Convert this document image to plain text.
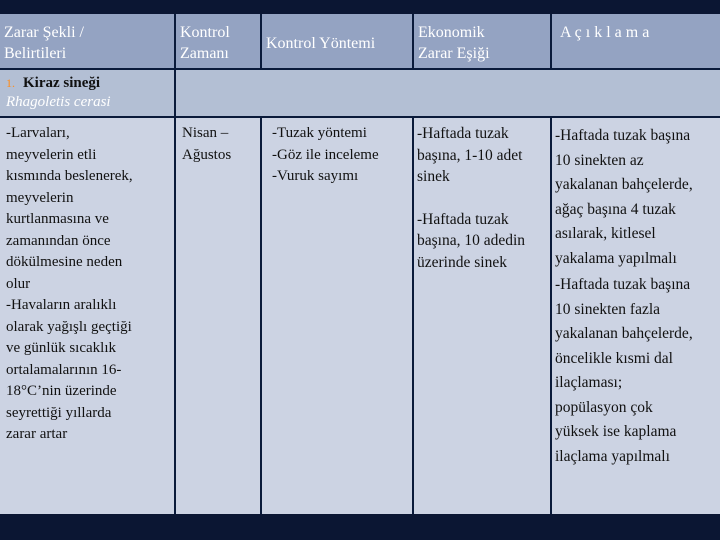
Zarar Şekli /
Belirtileri
Kontrol
Zamanı
Kontrol Yöntemi
Ekonomik
Zarar Eşiği
A ç ı k l a m a
1. Kiraz sineği
Rhagoletis cerasi
-Larvaları,
meyvelerin etli
kısmında beslenerek,
meyvelerin
kurtlanmasına ve
zamanından önce
dökülmesine neden
olur
-Havaların aralıklı
olarak yağışlı geçtiği
ve günlük sıcaklık
ortalamalarının 16-
18°C’nin üzerinde
seyrettiği yıllarda
zarar artar
Nisan –
Ağustos
-Tuzak yöntemi
-Göz ile inceleme
-Vuruk sayımı
-Haftada tuzak
başına, 1-10 adet
sinek
-Haftada tuzak
başına, 10 adedin
üzerinde sinek
-Haftada tuzak başına
10 sinekten az
yakalanan bahçelerde,
ağaç başına 4 tuzak
asılarak, kitlesel
yakalama yapılmalı
-Haftada tuzak başına
10 sinekten fazla
yakalanan bahçelerde,
öncelikle kısmi dal
ilaçlaması;
popülasyon çok
yüksek ise kaplama
ilaçlama yapılmalı
